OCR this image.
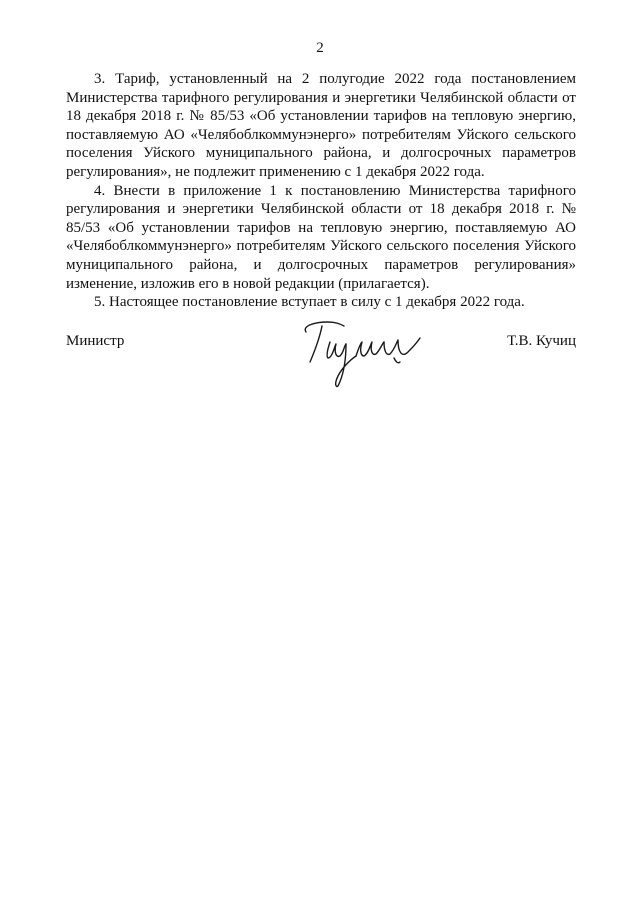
2

3. Тариф, установленный на 2 полугодие 2022 года постановлением Министерства тарифного регулирования и энергетики Челябинской области от 18 декабря 2018 г. № 85/53 «Об установлении тарифов на тепловую энергию, поставляемую АО «Челябоблкоммунэнерго» потребителям Уйского сельского поселения Уйского муниципального района, и долгосрочных параметров регулирования», не подлежит применению с 1 декабря 2022 года.

4. Внести в приложение 1 к постановлению Министерства тарифного регулирования и энергетики Челябинской области от 18 декабря 2018 г. № 85/53 «Об установлении тарифов на тепловую энергию, поставляемую АО «Челябоблкоммунэнерго» потребителям Уйского сельского поселения Уйского муниципального района, и долгосрочных параметров регулирования» изменение, изложив его в новой редакции (прилагается).

5. Настоящее постановление вступает в силу с 1 декабря 2022 года.

Министр	Т.В. Кучиц
